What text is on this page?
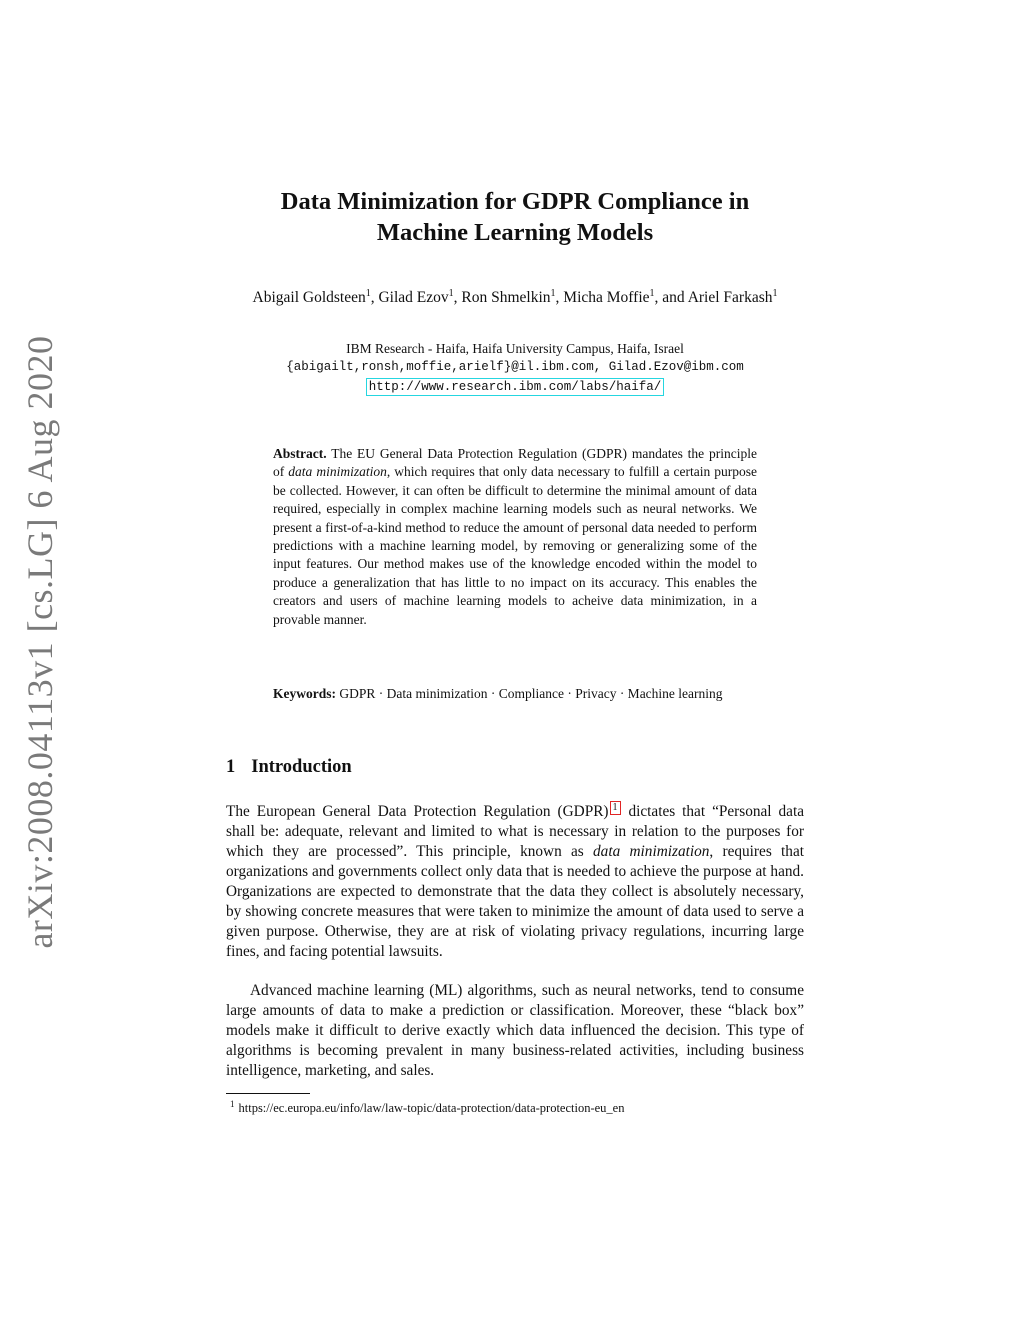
arXiv:2008.04113v1 [cs.LG] 6 Aug 2020
Data Minimization for GDPR Compliance in
Machine Learning Models
Abigail Goldsteen$^1$, Gilad Ezov$^1$, Ron Shmelkin$^1$, Micha Moffie$^1$, and Ariel Farkash$^1$
IBM Research - Haifa, Haifa University Campus, Haifa, Israel
{abigailt,ronsh,moffie,arielf}@il.ibm.com, Gilad.Ezov@ibm.com
http://www.research.ibm.com/labs/haifa/

Abstract. The EU General Data Protection Regulation (GDPR) mandates the principle of data minimization, which requires that only data necessary to fulfill a certain purpose be collected. However, it can often be difficult to determine the minimal amount of data required, especially in complex machine learning models such as neural networks. We present a first-of-a-kind method to reduce the amount of personal data needed to perform predictions with a machine learning model, by removing or generalizing some of the input features. Our method makes use of the knowledge encoded within the model to produce a generalization that has little to no impact on its accuracy. This enables the creators and users of machine learning models to acheive data minimization, in a provable manner.

Keywords: GDPR · Data minimization · Compliance · Privacy · Machine learning

1 Introduction

The European General Data Protection Regulation (GDPR) 1 dictates that “Personal data shall be: adequate, relevant and limited to what is necessary in relation to the purposes for which they are processed”. This principle, known as data minimization, requires that organizations and governments collect only data that is needed to achieve the purpose at hand. Organizations are expected to demonstrate that the data they collect is absolutely necessary, by showing concrete measures that were taken to minimize the amount of data used to serve a given purpose. Otherwise, they are at risk of violating privacy regulations, incurring large fines, and facing potential lawsuits.

Advanced machine learning (ML) algorithms, such as neural networks, tend to consume large amounts of data to make a prediction or classification. Moreover, these “black box” models make it difficult to derive exactly which data influenced the decision. This type of algorithms is becoming prevalent in many business-related activities, including business intelligence, marketing, and sales.

$^1$ https://ec.europa.eu/info/law/law-topic/data-protection/data-protection-eu_en
